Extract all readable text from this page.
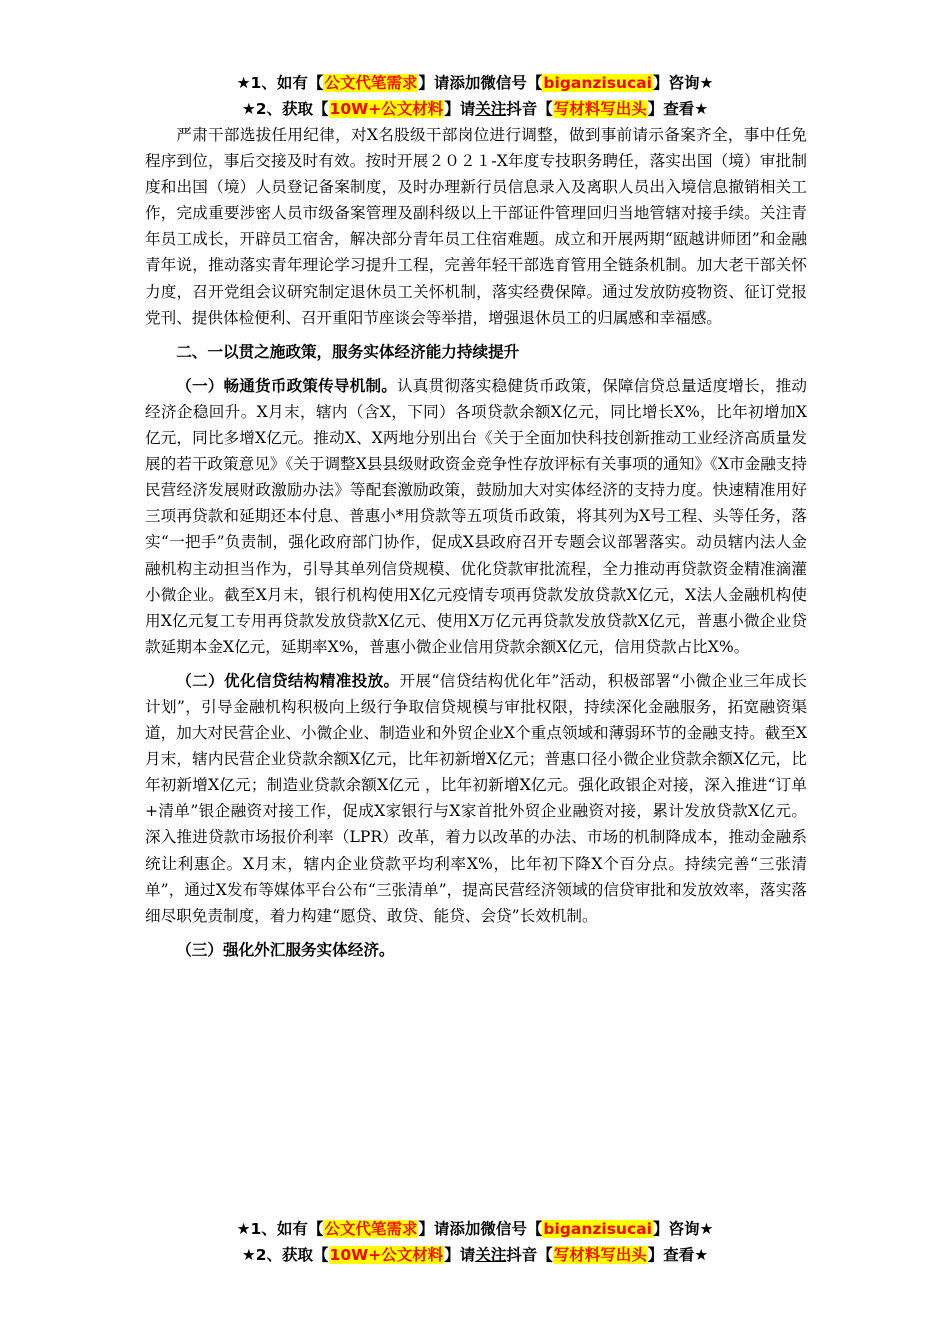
★1、如有【公文代笔需求】请添加微信号【biganzisucai】咨询★
★2、获取【10W+公文材料】请关注抖音【写材料写出头】查看★

严肃干部选拔任用纪律，对X名股级干部岗位进行调整，做到事前请示备案齐全，事中任免程序到位，事后交接及时有效。按时开展２０２１-X年度专技职务聘任，落实出国（境）审批制度和出国（境）人员登记备案制度，及时办理新行员信息录入及离职人员出入境信息撤销相关工作，完成重要涉密人员市级备案管理及副科级以上干部证件管理回归当地管辖对接手续。关注青年员工成长，开辟员工宿舍，解决部分青年员工住宿难题。成立和开展两期“瓯越讲师团”和金融青年说，推动落实青年理论学习提升工程，完善年轻干部选育管用全链条机制。加大老干部关怀力度，召开党组会议研究制定退休员工关怀机制，落实经费保障。通过发放防疫物资、征订党报党刊、提供体检便利、召开重阳节座谈会等举措，增强退休员工的归属感和幸福感。

二、一以贯之施政策，服务实体经济能力持续提升

（一）畅通货币政策传导机制。认真贯彻落实稳健货币政策，保障信贷总量适度增长，推动经济企稳回升。X月末，辖内（含X，下同）各项贷款余额X亿元，同比增长X%，比年初增加X亿元，同比多增X亿元。推动X、X两地分别出台《关于全面加快科技创新推动工业经济高质量发展的若干政策意见》《关于调整X县县级财政资金竞争性存放评标有关事项的通知》《X市金融支持民营经济发展财政激励办法》等配套激励政策，鼓励加大对实体经济的支持力度。快速精准用好三项再贷款和延期还本付息、普惠小*用贷款等五项货币政策，将其列为X号工程、头等任务，落实“一把手”负责制，强化政府部门协作，促成X县政府召开专题会议部署落实。动员辖内法人金融机构主动担当作为，引导其单列信贷规模、优化贷款审批流程，全力推动再贷款资金精准滴灌小微企业。截至X月末，银行机构使用X亿元疫情专项再贷款发放贷款X亿元，X法人金融机构使用X亿元复工专用再贷款发放贷款X亿元、使用X万亿元再贷款发放贷款X亿元，普惠小微企业贷款延期本金X亿元，延期率X%，普惠小微企业信用贷款余额X亿元，信用贷款占比X%。

（二）优化信贷结构精准投放。开展“信贷结构优化年”活动，积极部署“小微企业三年成长计划”，引导金融机构积极向上级行争取信贷规模与审批权限，持续深化金融服务，拓宽融资渠道，加大对民营企业、小微企业、制造业和外贸企业X个重点领域和薄弱环节的金融支持。截至X月末，辖内民营企业贷款余额X亿元，比年初新增X亿元；普惠口径小微企业贷款余额X亿元，比年初新增X亿元；制造业贷款余额X亿元 ，比年初新增X亿元。强化政银企对接，深入推进“订单+清单”银企融资对接工作，促成X家银行与X家首批外贸企业融资对接，累计发放贷款X亿元。深入推进贷款市场报价利率（LPR）改革，着力以改革的办法、市场的机制降成本，推动金融系统让利惠企。X月末，辖内企业贷款平均利率X%，比年初下降X个百分点。持续完善“三张清单”，通过X发布等媒体平台公布“三张清单”，提高民营经济领域的信贷审批和发放效率，落实落细尽职免责制度，着力构建“愿贷、敢贷、能贷、会贷”长效机制。

（三）强化外汇服务实体经济。

★1、如有【公文代笔需求】请添加微信号【biganzisucai】咨询★
★2、获取【10W+公文材料】请关注抖音【写材料写出头】查看★
